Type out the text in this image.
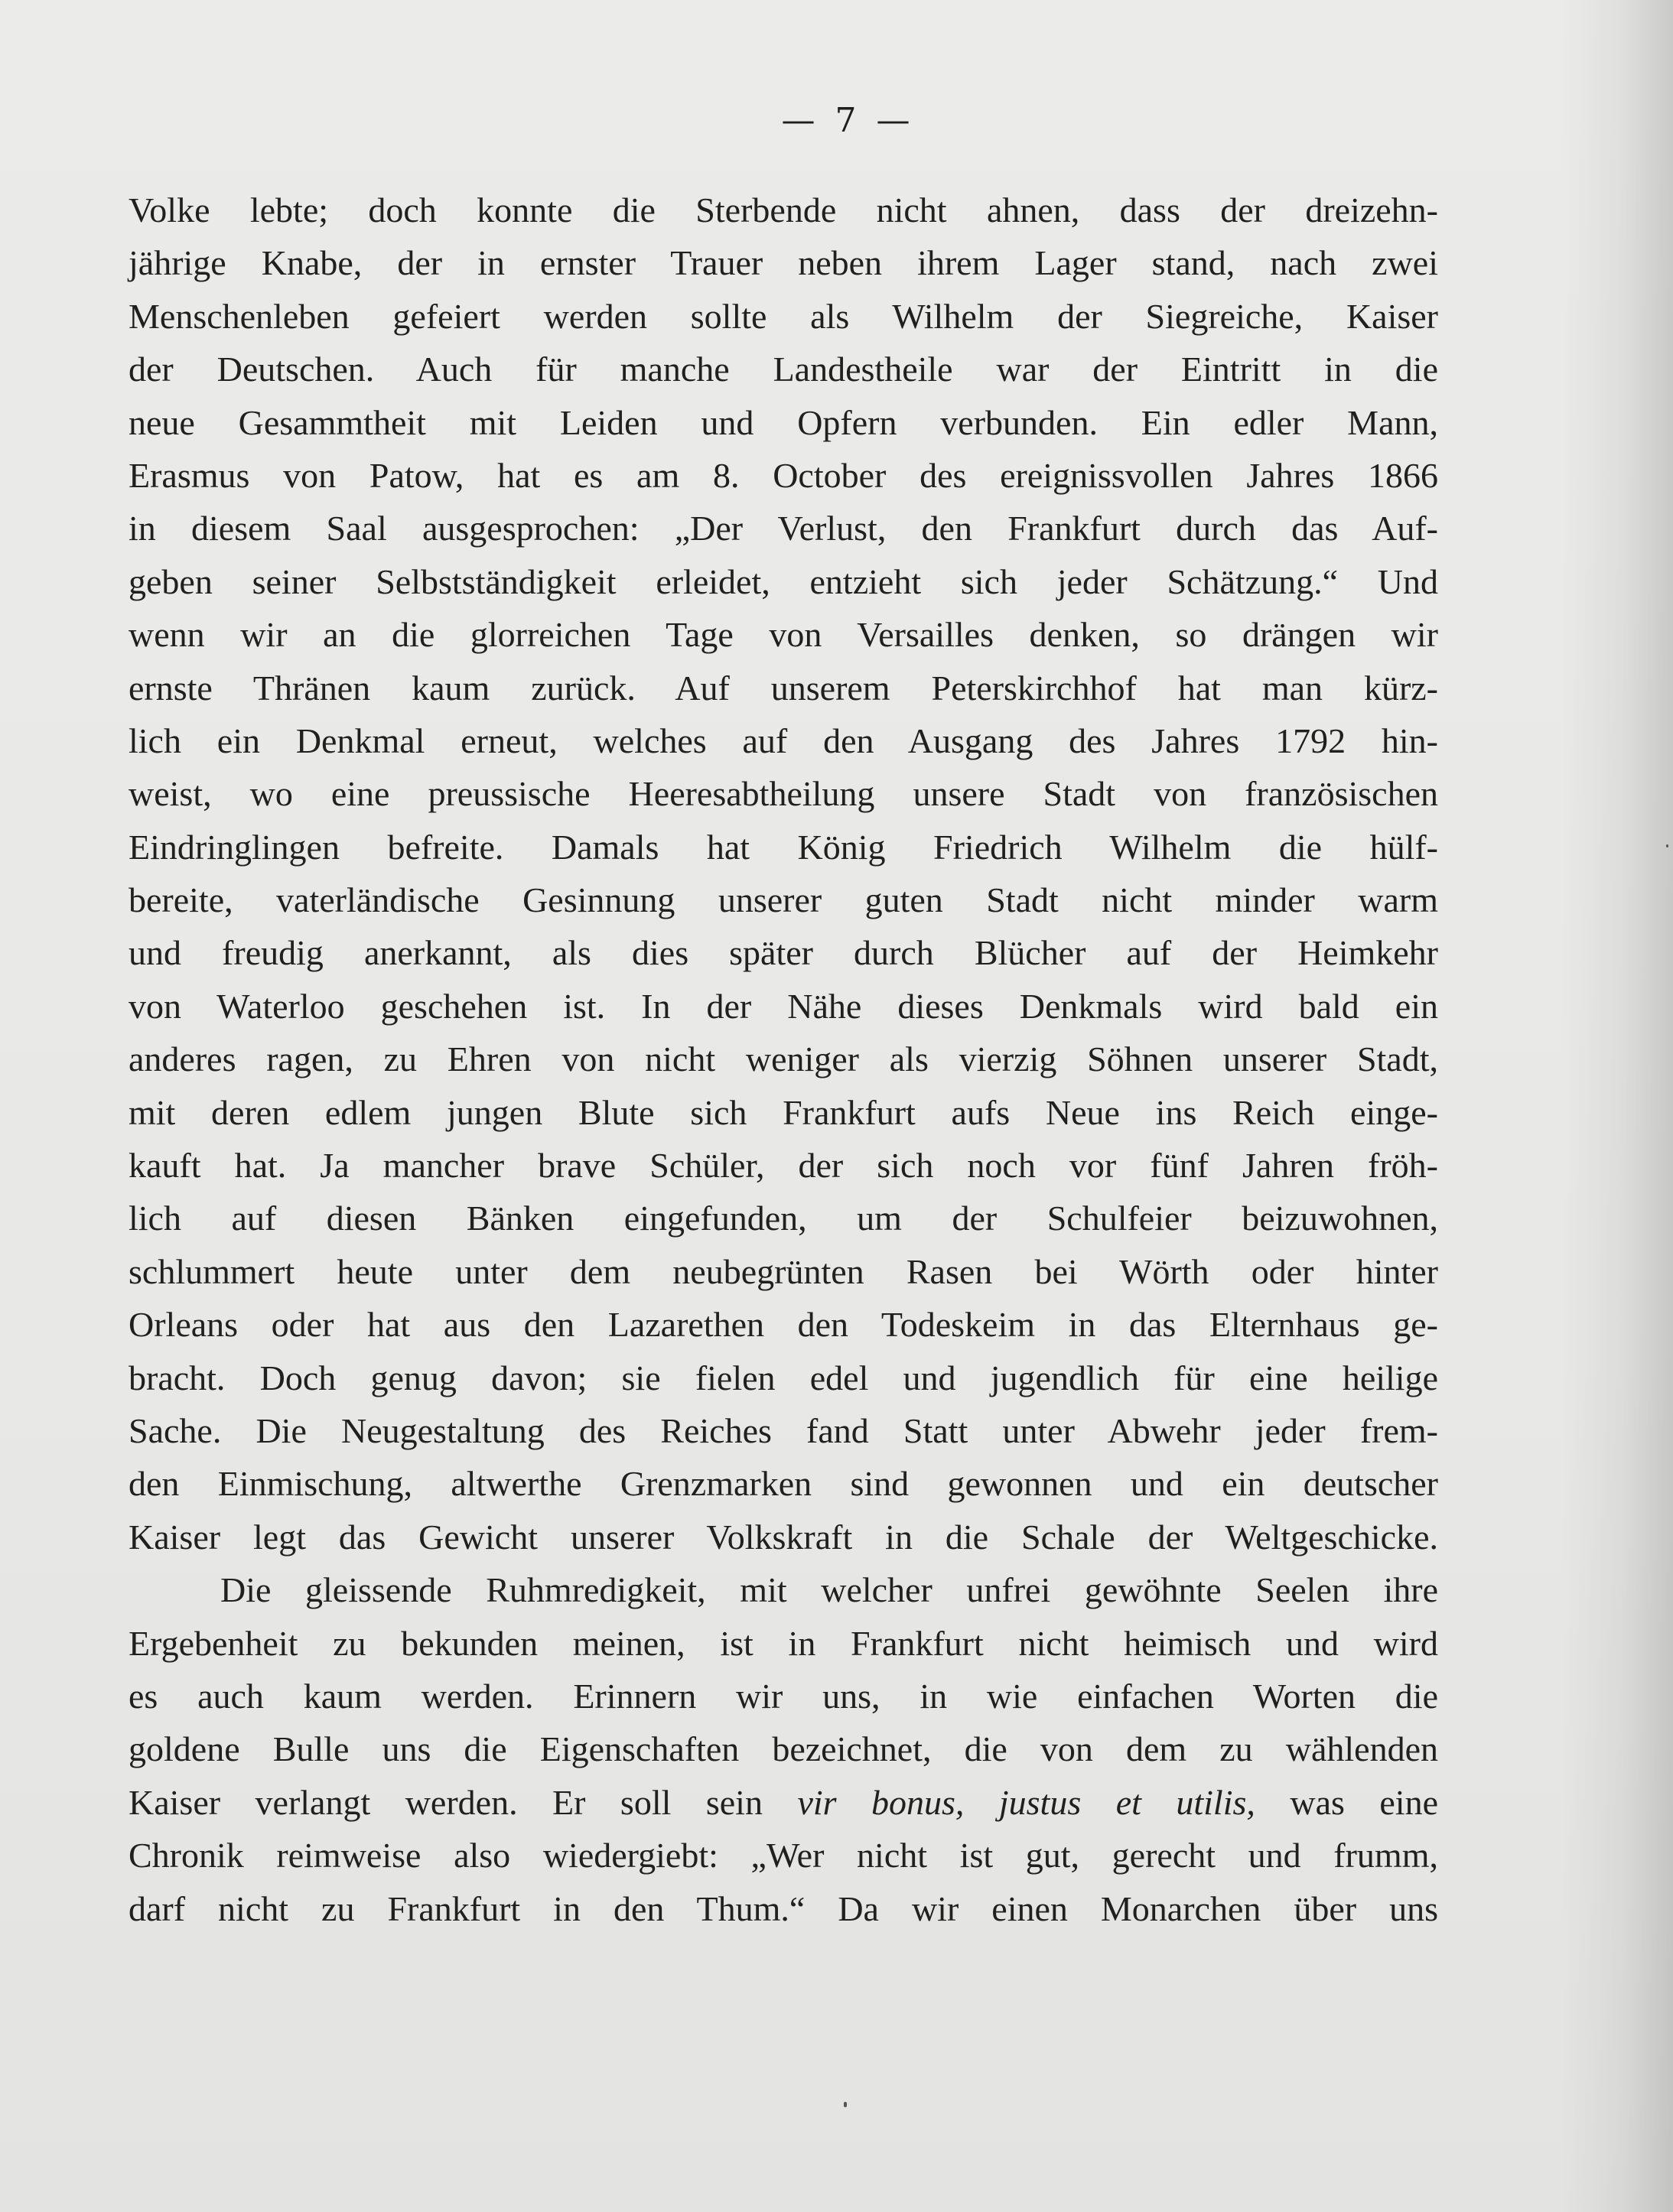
— 7 —
Volke lebte; doch konnte die Sterbende nicht ahnen, dass der dreizehn-
jährige Knabe, der in ernster Trauer neben ihrem Lager stand, nach zwei
Menschenleben gefeiert werden sollte als Wilhelm der Siegreiche, Kaiser
der Deutschen. Auch für manche Landestheile war der Eintritt in die
neue Gesammtheit mit Leiden und Opfern verbunden. Ein edler Mann,
Erasmus von Patow, hat es am 8. October des ereignissvollen Jahres 1866
in diesem Saal ausgesprochen: „Der Verlust, den Frankfurt durch das Auf-
geben seiner Selbstständigkeit erleidet, entzieht sich jeder Schätzung.“ Und
wenn wir an die glorreichen Tage von Versailles denken, so drängen wir
ernste Thränen kaum zurück. Auf unserem Peterskirchhof hat man kürz-
lich ein Denkmal erneut, welches auf den Ausgang des Jahres 1792 hin-
weist, wo eine preussische Heeresabtheilung unsere Stadt von französischen
Eindringlingen befreite. Damals hat König Friedrich Wilhelm die hülf-
bereite, vaterländische Gesinnung unserer guten Stadt nicht minder warm
und freudig anerkannt, als dies später durch Blücher auf der Heimkehr
von Waterloo geschehen ist. In der Nähe dieses Denkmals wird bald ein
anderes ragen, zu Ehren von nicht weniger als vierzig Söhnen unserer Stadt,
mit deren edlem jungen Blute sich Frankfurt aufs Neue ins Reich einge-
kauft hat. Ja mancher brave Schüler, der sich noch vor fünf Jahren fröh-
lich auf diesen Bänken eingefunden, um der Schulfeier beizuwohnen,
schlummert heute unter dem neubegrünten Rasen bei Wörth oder hinter
Orleans oder hat aus den Lazarethen den Todeskeim in das Elternhaus ge-
bracht. Doch genug davon; sie fielen edel und jugendlich für eine heilige
Sache. Die Neugestaltung des Reiches fand Statt unter Abwehr jeder frem-
den Einmischung, altwerthe Grenzmarken sind gewonnen und ein deutscher
Kaiser legt das Gewicht unserer Volkskraft in die Schale der Weltgeschicke.
Die gleissende Ruhmredigkeit, mit welcher unfrei gewöhnte Seelen ihre
Ergebenheit zu bekunden meinen, ist in Frankfurt nicht heimisch und wird
es auch kaum werden. Erinnern wir uns, in wie einfachen Worten die
goldene Bulle uns die Eigenschaften bezeichnet, die von dem zu wählenden
Kaiser verlangt werden. Er soll sein vir bonus, justus et utilis, was eine
Chronik reimweise also wiedergiebt: „Wer nicht ist gut, gerecht und frumm,
darf nicht zu Frankfurt in den Thum.“ Da wir einen Monarchen über uns
